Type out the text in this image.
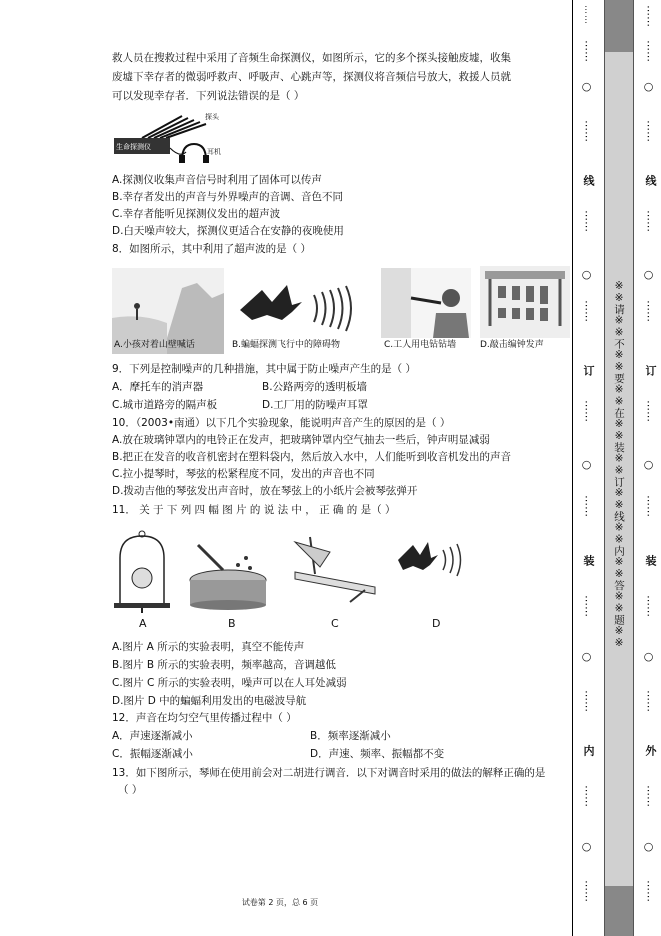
救人员在搜救过程中采用了音频生命探测仪，如图所示，它的多个探头接触废墟，收集
废墟下幸存者的微弱呼救声、呼吸声、心跳声等，探测仪将音频信号放大，救援人员就
可以发现幸存者．下列说法错误的是（ ）
生命探测仪
探头
耳机
A.探测仪收集声音信号时利用了固体可以传声
B.幸存者发出的声音与外界噪声的音调、音色不同
C.幸存者能听见探测仪发出的超声波
D.白天噪声较大，探测仪更适合在安静的夜晚使用
8．如图所示，其中利用了超声波的是（ ）
A.小孩对着山壁喊话	B.蝙蝠探测飞行中的障碍物	C.工人用电钻钻墙	D.敲击编钟发声
9．下列是控制噪声的几种措施，其中属于防止噪声产生的是（ ）
A．摩托车的消声器	B.公路两旁的透明板墙
C.城市道路旁的隔声板	D.工厂用的防噪声耳罩
10．（2003•南通）以下几个实验现象，能说明声音产生的原因的是（ ）
A.放在玻璃钟罩内的电铃正在发声，把玻璃钟罩内空气抽去一些后，钟声明显减弱
B.把正在发音的收音机密封在塑料袋内，然后放入水中，人们能听到收音机发出的声音
C.拉小提琴时，琴弦的松紧程度不同，发出的声音也不同
D.拨动吉他的琴弦发出声音时，放在琴弦上的小纸片会被琴弦弹开
11． 关 于 下 列 四 幅 图 片 的 说 法 中 ， 正 确 的 是（ ）
A	B	C	D
A.图片 A 所示的实验表明，真空不能传声
B.图片 B 所示的实验表明，频率越高，音调越低
C.图片 C 所示的实验表明，噪声可以在人耳处减弱
D.图片 D 中的蝙蝠利用发出的电磁波导航
12．声音在均匀空气里传播过程中（ ）
A．声速逐渐减小	B．频率逐渐减小
C．振幅逐渐减小	D．声速、频率、振幅都不变
13．如下图所示，琴师在使用前会对二胡进行调音．以下对调音时采用的做法的解释正确的是
（ ）
试卷第 2 页，总 6 页
⋯⋯
⋯⋯
○
⋯⋯
线
⋯⋯
○
⋯⋯
订
⋯⋯
○
⋯⋯
装
⋯⋯
○
⋯⋯
内
⋯⋯
○
⋯⋯
※※请※※不※※要※※在※※装※※订※※线※※内※※答※※题※※
⋯⋯
⋯⋯
○
⋯⋯
线
⋯⋯
○
⋯⋯
订
⋯⋯
○
⋯⋯
装
⋯⋯
○
⋯⋯
外
⋯⋯
○
⋯⋯
